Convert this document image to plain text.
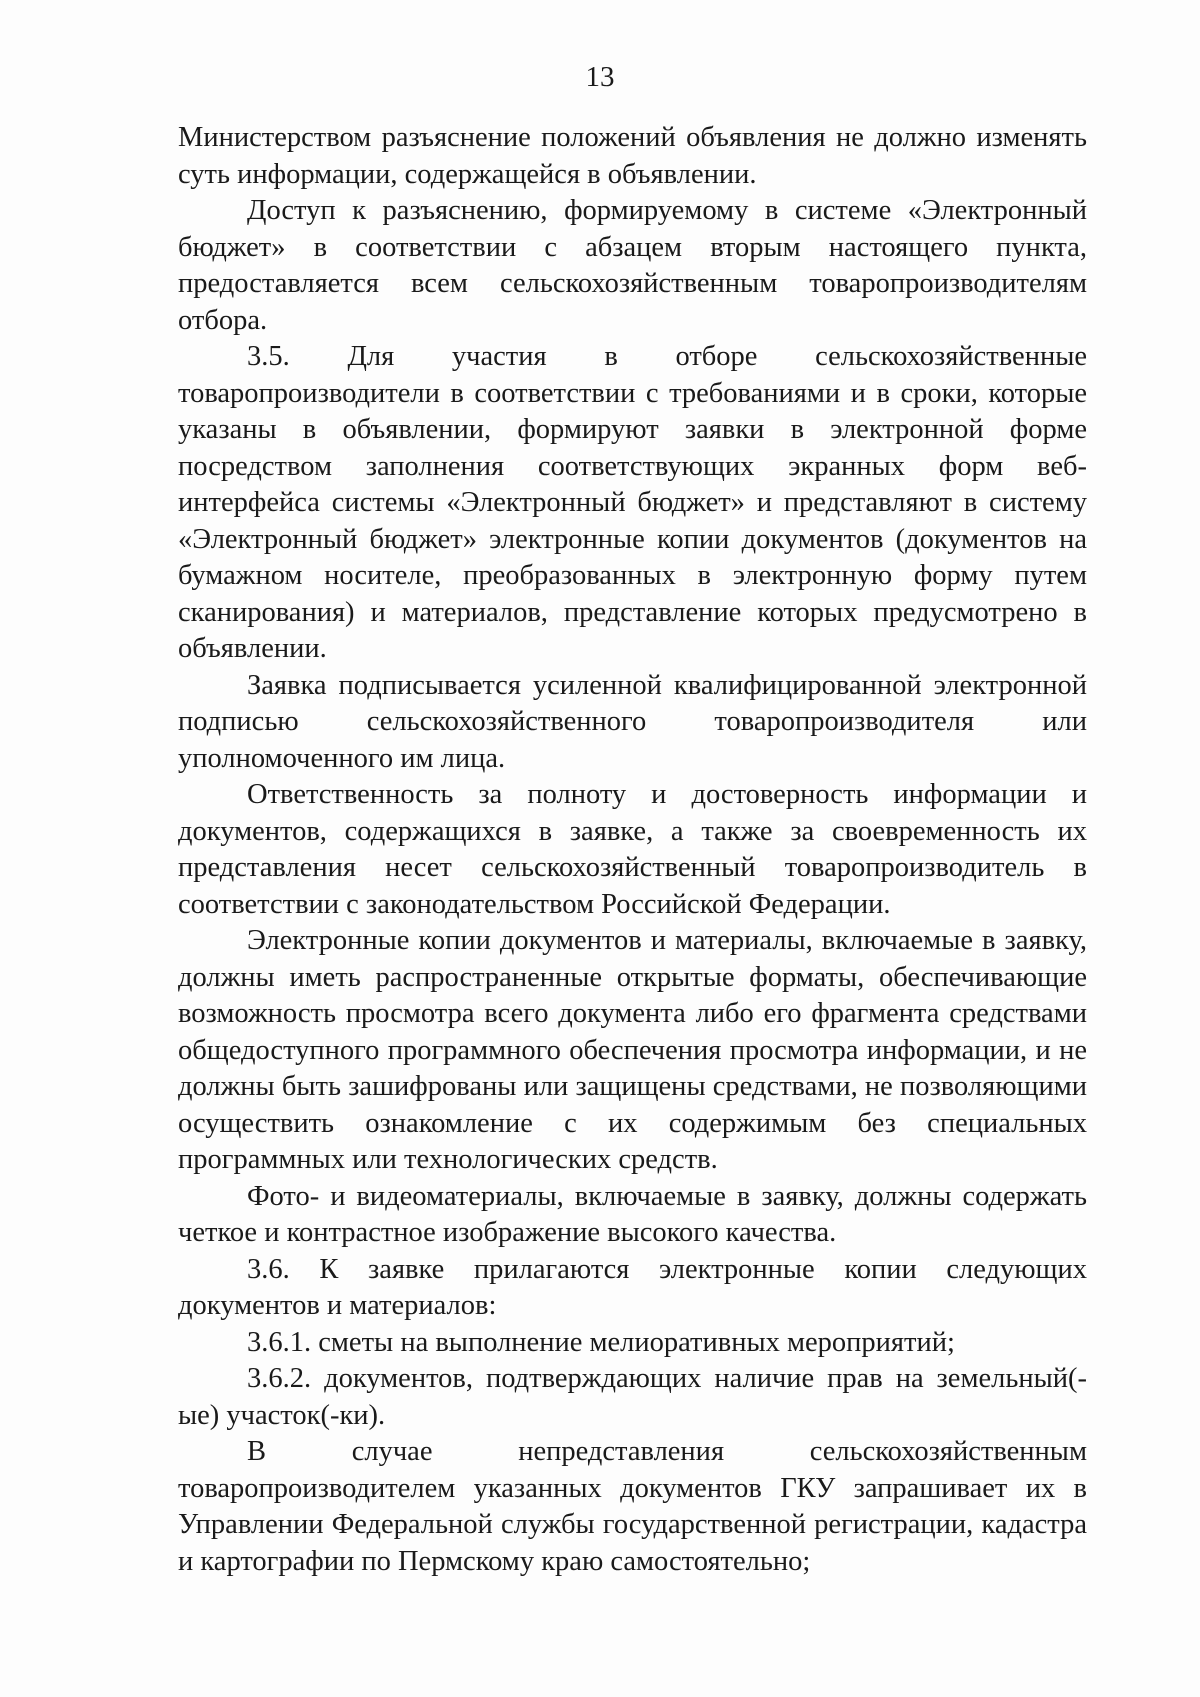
13

Министерством разъяснение положений объявления не должно изменять суть информации, содержащейся в объявлении.

Доступ к разъяснению, формируемому в системе «Электронный бюджет» в соответствии с абзацем вторым настоящего пункта, предоставляется всем сельскохозяйственным товаропроизводителям отбора.

3.5. Для участия в отборе сельскохозяйственные товаропроизводители в соответствии с требованиями и в сроки, которые указаны в объявлении, формируют заявки в электронной форме посредством заполнения соответствующих экранных форм веб-интерфейса системы «Электронный бюджет» и представляют в систему «Электронный бюджет» электронные копии документов (документов на бумажном носителе, преобразованных в электронную форму путем сканирования) и материалов, представление которых предусмотрено в объявлении.

Заявка подписывается усиленной квалифицированной электронной подписью сельскохозяйственного товаропроизводителя или уполномоченного им лица.

Ответственность за полноту и достоверность информации и документов, содержащихся в заявке, а также за своевременность их представления несет сельскохозяйственный товаропроизводитель в соответствии с законодательством Российской Федерации.

Электронные копии документов и материалы, включаемые в заявку, должны иметь распространенные открытые форматы, обеспечивающие возможность просмотра всего документа либо его фрагмента средствами общедоступного программного обеспечения просмотра информации, и не должны быть зашифрованы или защищены средствами, не позволяющими осуществить ознакомление с их содержимым без специальных программных или технологических средств.

Фото- и видеоматериалы, включаемые в заявку, должны содержать четкое и контрастное изображение высокого качества.

3.6. К заявке прилагаются электронные копии следующих документов и материалов:

3.6.1. сметы на выполнение мелиоративных мероприятий;

3.6.2. документов, подтверждающих наличие прав на земельный(-ые) участок(-ки).

В случае непредставления сельскохозяйственным товаропроизводителем указанных документов ГКУ запрашивает их в Управлении Федеральной службы государственной регистрации, кадастра и картографии по Пермскому краю самостоятельно;
